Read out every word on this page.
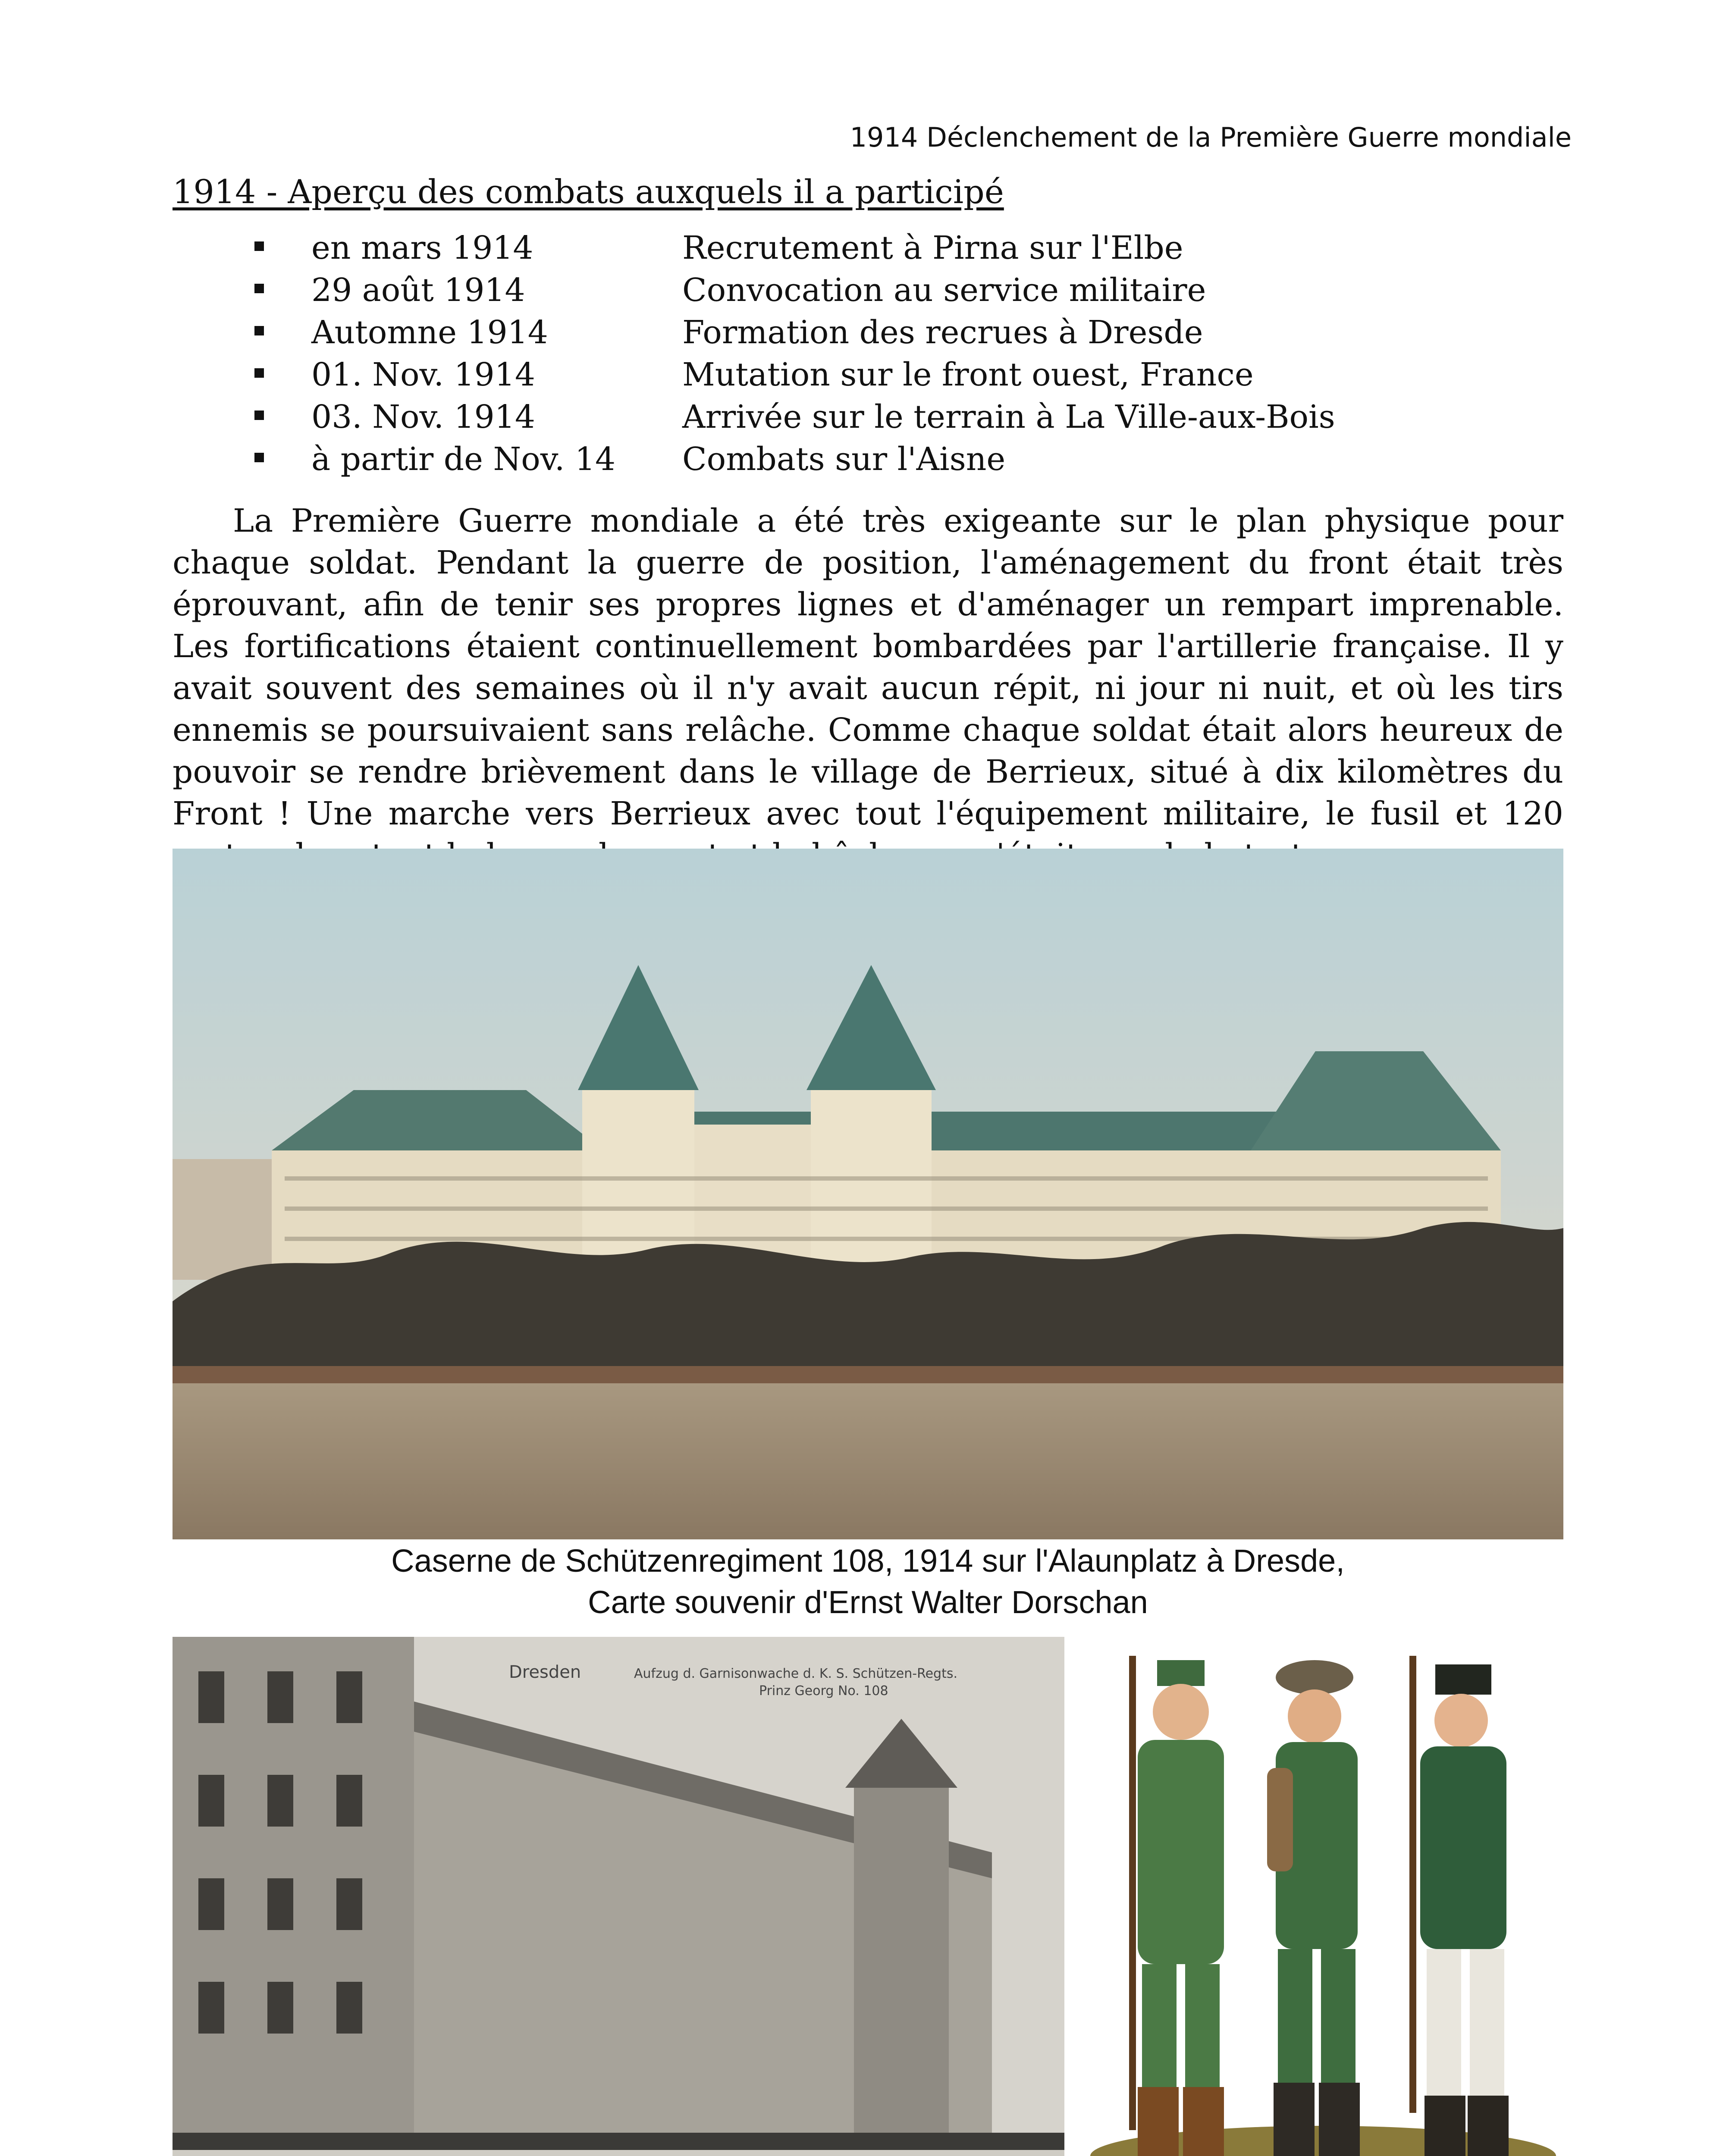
1914 Déclenchement de la Première Guerre mondiale
1914 - Aperçu des combats auxquels il a participé
en mars 1914	Recrutement à Pirna sur l'Elbe
29 août 1914	Convocation au service militaire
Automne 1914	Formation des recrues à Dresde
01. Nov. 1914	Mutation sur le front ouest, France
03. Nov. 1914	Arrivée sur le terrain à La Ville-aux-Bois
à partir de Nov. 14	Combats sur l'Aisne

La Première Guerre mondiale a été très exigeante sur le plan physique pour chaque soldat. Pendant la guerre de position, l'aménagement du front était très éprouvant, afin de tenir ses propres lignes et d'aménager un rempart imprenable. Les fortifications étaient continuellement bombardées par l'artillerie française. Il y avait souvent des semaines où il n'y avait aucun répit, ni jour ni nuit, et où les tirs ennemis se poursuivaient sans relâche. Comme chaque soldat était alors heureux de pouvoir se rendre brièvement dans le village de Berrieux, situé à dix kilomètres du Front ! Une marche vers Berrieux avec tout l'équipement militaire, le fusil et 120

Caserne de Schützenregiment 108, 1914 sur l'Alaunplatz à Dresde,
Carte souvenir d'Ernst Walter Dorschan
Dresden	Aufzug d. Garnisonwache d. K. S. Schützen-Regts.
Prinz Georg No. 108
